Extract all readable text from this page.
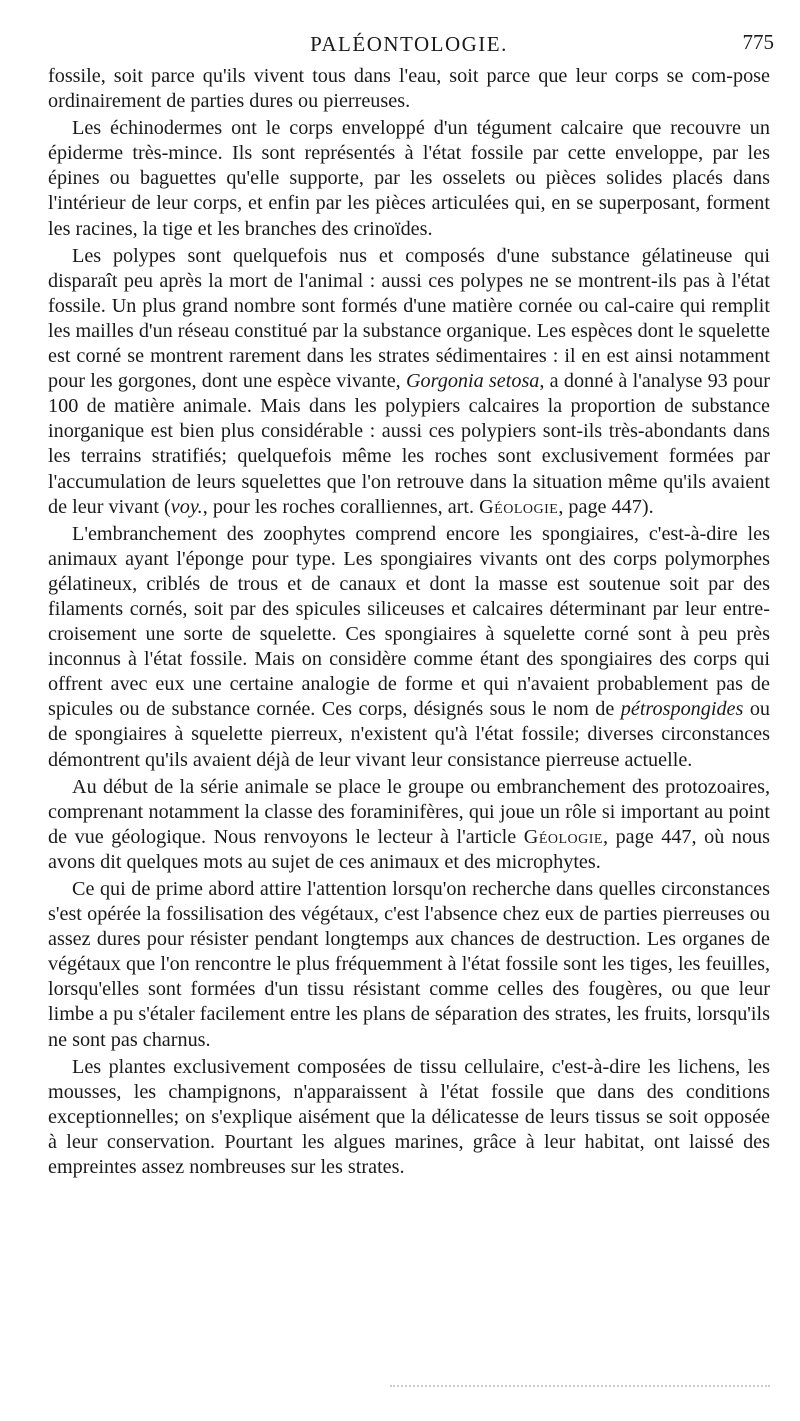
PALÉONTOLOGIE.	775

fossile, soit parce qu'ils vivent tous dans l'eau, soit parce que leur corps se com-pose ordinairement de parties dures ou pierreuses.

Les échinodermes ont le corps enveloppé d'un tégument calcaire que recouvre un épiderme très-mince. Ils sont représentés à l'état fossile par cette enveloppe, par les épines ou baguettes qu'elle supporte, par les osselets ou pièces solides placés dans l'intérieur de leur corps, et enfin par les pièces articulées qui, en se superposant, forment les racines, la tige et les branches des crinoïdes.

Les polypes sont quelquefois nus et composés d'une substance gélatineuse qui disparaît peu après la mort de l'animal : aussi ces polypes ne se montrent-ils pas à l'état fossile. Un plus grand nombre sont formés d'une matière cornée ou cal-caire qui remplit les mailles d'un réseau constitué par la substance organique. Les espèces dont le squelette est corné se montrent rarement dans les strates sédimentaires : il en est ainsi notamment pour les gorgones, dont une espèce vivante, Gorgonia setosa, a donné à l'analyse 93 pour 100 de matière animale. Mais dans les polypiers calcaires la proportion de substance inorganique est bien plus considérable : aussi ces polypiers sont-ils très-abondants dans les terrains stratifiés; quelquefois même les roches sont exclusivement formées par l'accumulation de leurs squelettes que l'on retrouve dans la situation même qu'ils avaient de leur vivant (voy., pour les roches coralliennes, art. Géologie, page 447).

L'embranchement des zoophytes comprend encore les spongiaires, c'est-à-dire les animaux ayant l'éponge pour type. Les spongiaires vivants ont des corps polymorphes gélatineux, criblés de trous et de canaux et dont la masse est soutenue soit par des filaments cornés, soit par des spicules siliceuses et calcaires déterminant par leur entre-croisement une sorte de squelette. Ces spongiaires à squelette corné sont à peu près inconnus à l'état fossile. Mais on considère comme étant des spongiaires des corps qui offrent avec eux une certaine analogie de forme et qui n'avaient probablement pas de spicules ou de substance cornée. Ces corps, désignés sous le nom de pétrospongides ou de spongiaires à squelette pierreux, n'existent qu'à l'état fossile; diverses circonstances démontrent qu'ils avaient déjà de leur vivant leur consistance pierreuse actuelle.

Au début de la série animale se place le groupe ou embranchement des protozoaires, comprenant notamment la classe des foraminifères, qui joue un rôle si important au point de vue géologique. Nous renvoyons le lecteur à l'article Géologie, page 447, où nous avons dit quelques mots au sujet de ces animaux et des microphytes.

Ce qui de prime abord attire l'attention lorsqu'on recherche dans quelles circonstances s'est opérée la fossilisation des végétaux, c'est l'absence chez eux de parties pierreuses ou assez dures pour résister pendant longtemps aux chances de destruction. Les organes de végétaux que l'on rencontre le plus fréquemment à l'état fossile sont les tiges, les feuilles, lorsqu'elles sont formées d'un tissu résistant comme celles des fougères, ou que leur limbe a pu s'étaler facilement entre les plans de séparation des strates, les fruits, lorsqu'ils ne sont pas charnus.

Les plantes exclusivement composées de tissu cellulaire, c'est-à-dire les lichens, les mousses, les champignons, n'apparaissent à l'état fossile que dans des conditions exceptionnelles; on s'explique aisément que la délicatesse de leurs tissus se soit opposée à leur conservation. Pourtant les algues marines, grâce à leur habitat, ont laissé des empreintes assez nombreuses sur les strates.
